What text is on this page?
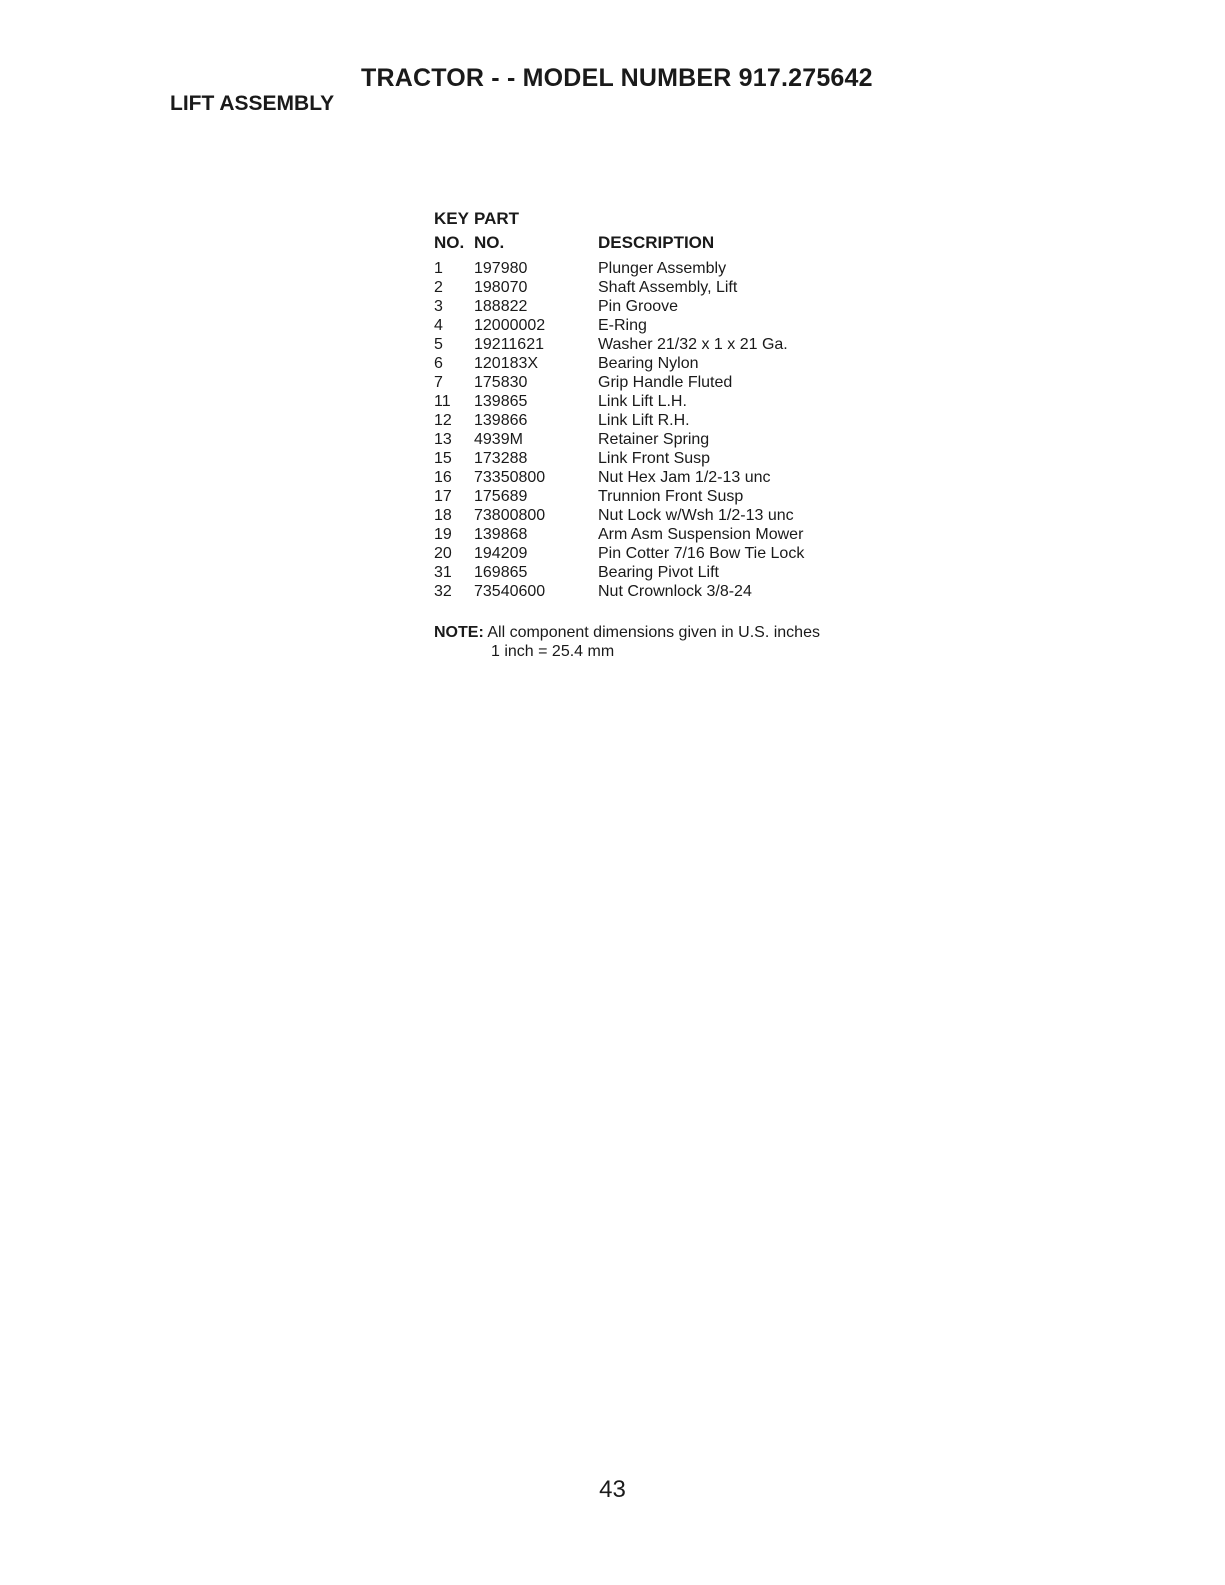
TRACTOR - - MODEL NUMBER 917.275642
LIFT ASSEMBLY
KEY	PART	
NO.	NO.	DESCRIPTION
1	197980	Plunger Assembly
2	198070	Shaft Assembly, Lift
3	188822	Pin Groove
4	12000002	E-Ring
5	19211621	Washer 21/32 x 1 x 21 Ga.
6	120183X	Bearing Nylon
7	175830	Grip Handle Fluted
11	139865	Link Lift L.H.
12	139866	Link Lift R.H.
13	4939M	Retainer Spring
15	173288	Link Front Susp
16	73350800	Nut Hex Jam 1/2-13 unc
17	175689	Trunnion Front Susp
18	73800800	Nut Lock w/Wsh 1/2-13 unc
19	139868	Arm Asm Suspension Mower
20	194209	Pin Cotter 7/16 Bow Tie Lock
31	169865	Bearing Pivot Lift
32	73540600	Nut Crownlock 3/8-24
NOTE: All component dimensions given in U.S. inches
1 inch = 25.4 mm
43
